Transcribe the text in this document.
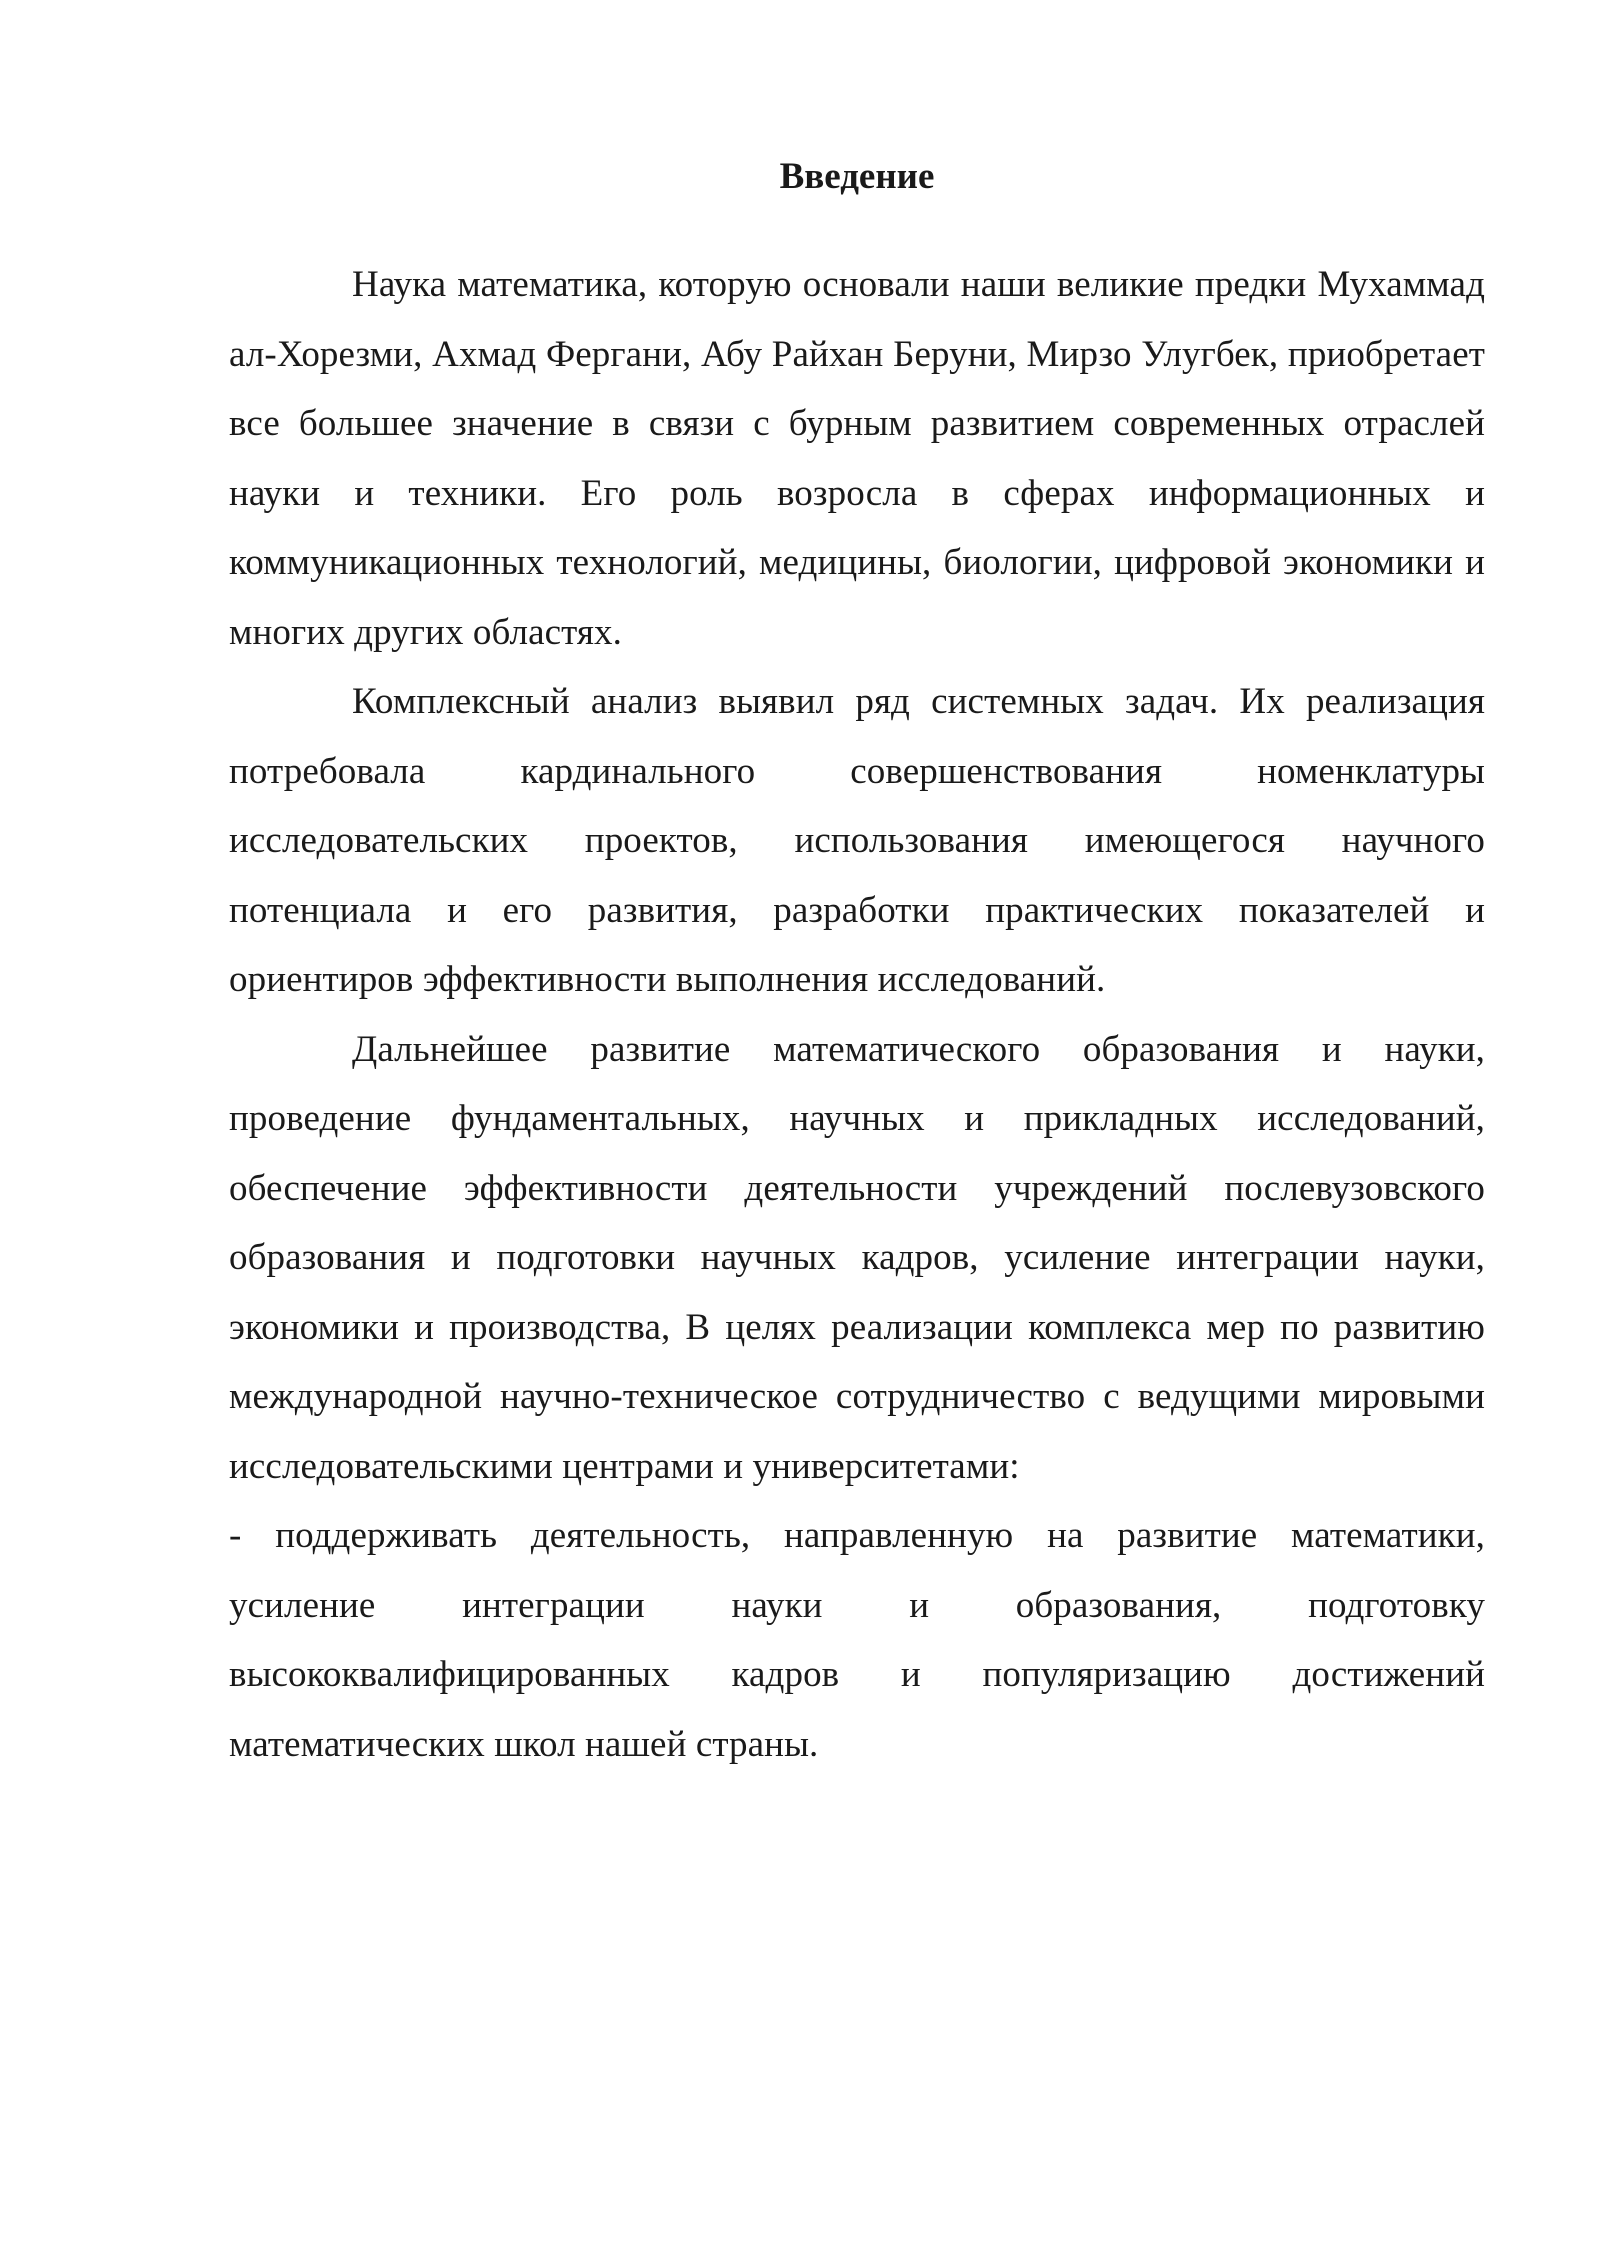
Введение

Наука математика, которую основали наши великие предки Мухаммад ал-Хорезми, Ахмад Фергани, Абу Райхан Беруни, Мирзо Улугбек, приобретает все большее значение в связи с бурным развитием современных отраслей науки и техники. Его роль возросла в сферах информационных и коммуникационных технологий, медицины, биологии, цифровой экономики и многих других областях.

Комплексный анализ выявил ряд системных задач. Их реализация потребовала кардинального совершенствования номенклатуры исследовательских проектов, использования имеющегося научного потенциала и его развития, разработки практических показателей и ориентиров эффективности выполнения исследований.

Дальнейшее развитие математического образования и науки, проведение фундаментальных, научных и прикладных исследований, обеспечение эффективности деятельности учреждений послевузовского образования и подготовки научных кадров, усиление интеграции науки, экономики и производства, В целях реализации комплекса мер по развитию международной научно-техническое сотрудничество с ведущими мировыми исследовательскими центрами и университетами:

- поддерживать деятельность, направленную на развитие математики, усиление интеграции науки и образования, подготовку высококвалифицированных кадров и популяризацию достижений математических школ нашей страны.
